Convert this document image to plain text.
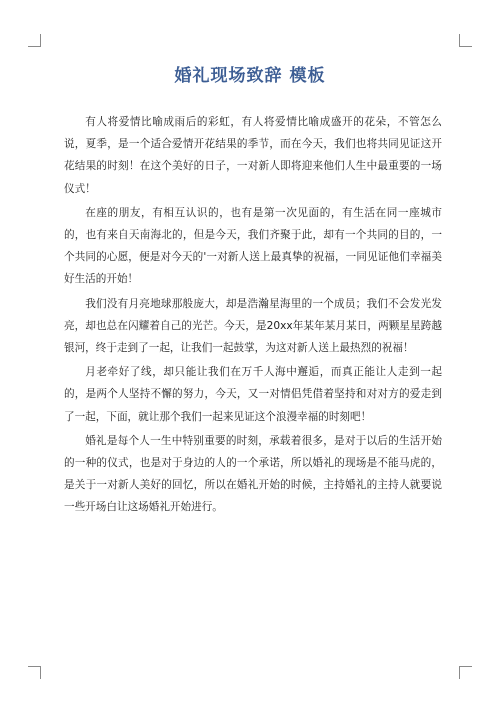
婚礼现场致辞 模板

有人将爱情比喻成雨后的彩虹，有人将爱情比喻成盛开的花朵，不管怎么说，夏季，是一个适合爱情开花结果的季节，而在今天，我们也将共同见证这开花结果的时刻！在这个美好的日子，一对新人即将迎来他们人生中最重要的一场仪式！

在座的朋友，有相互认识的，也有是第一次见面的，有生活在同一座城市的，也有来自天南海北的，但是今天，我们齐聚于此，却有一个共同的目的，一个共同的心愿，便是对今天的'一对新人送上最真挚的祝福，一同见证他们幸福美好生活的开始！

我们没有月亮地球那般庞大，却是浩瀚星海里的一个成员；我们不会发光发亮，却也总在闪耀着自己的光芒。今天，是20xx年某年某月某日，两颗星星跨越银河，终于走到了一起，让我们一起鼓掌，为这对新人送上最热烈的祝福！

月老牵好了线，却只能让我们在万千人海中邂逅，而真正能让人走到一起的，是两个人坚持不懈的努力，今天，又一对情侣凭借着坚持和对对方的爱走到了一起，下面，就让那个我们一起来见证这个浪漫幸福的时刻吧！

婚礼是每个人一生中特别重要的时刻，承载着很多，是对于以后的生活开始的一种的仪式，也是对于身边的人的一个承诺，所以婚礼的现场是不能马虎的，是关于一对新人美好的回忆，所以在婚礼开始的时候，主持婚礼的主持人就要说一些开场白让这场婚礼开始进行。
